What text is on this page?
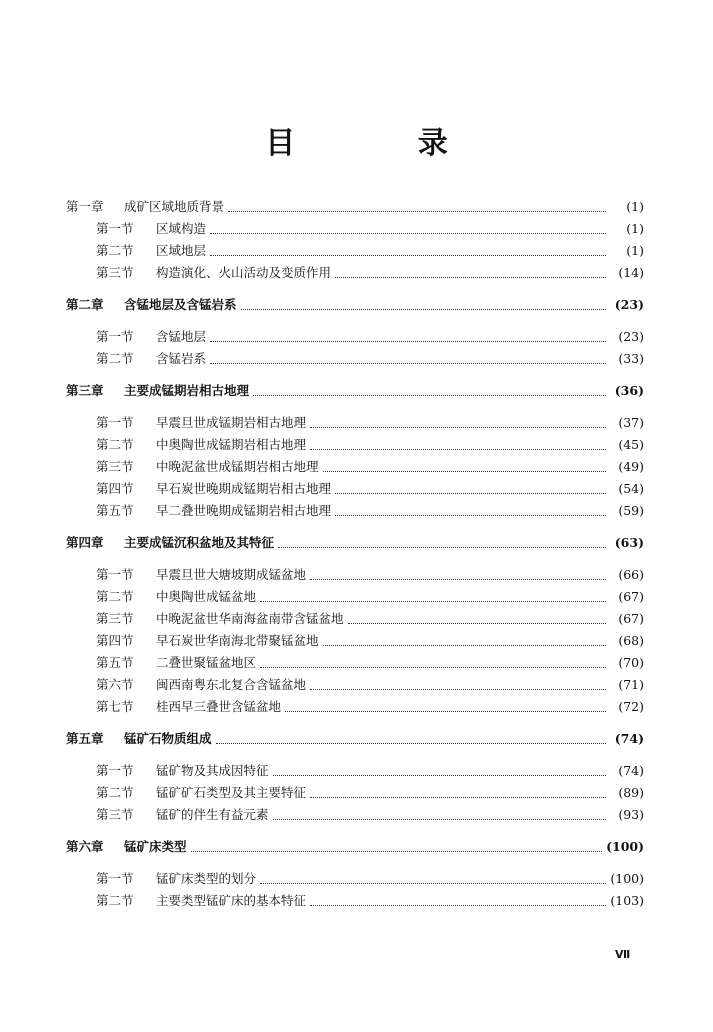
目 录
第一章	成矿区域地质背景	(1)
第一节	区域构造	(1)
第二节	区域地层	(1)
第三节	构造演化、火山活动及变质作用	(14)
第二章	含锰地层及含锰岩系	(23)
第一节	含锰地层	(23)
第二节	含锰岩系	(33)
第三章	主要成锰期岩相古地理	(36)
第一节	早震旦世成锰期岩相古地理	(37)
第二节	中奥陶世成锰期岩相古地理	(45)
第三节	中晚泥盆世成锰期岩相古地理	(49)
第四节	早石炭世晚期成锰期岩相古地理	(54)
第五节	早二叠世晚期成锰期岩相古地理	(59)
第四章	主要成锰沉积盆地及其特征	(63)
第一节	早震旦世大塘坡期成锰盆地	(66)
第二节	中奥陶世成锰盆地	(67)
第三节	中晚泥盆世华南海盆南带含锰盆地	(67)
第四节	早石炭世华南海北带聚锰盆地	(68)
第五节	二叠世聚锰盆地区	(70)
第六节	闽西南粤东北复合含锰盆地	(71)
第七节	桂西早三叠世含锰盆地	(72)
第五章	锰矿石物质组成	(74)
第一节	锰矿物及其成因特征	(74)
第二节	锰矿矿石类型及其主要特征	(89)
第三节	锰矿的伴生有益元素	(93)
第六章	锰矿床类型	(100)
第一节	锰矿床类型的划分	(100)
第二节	主要类型锰矿床的基本特征	(103)
Ⅶ
